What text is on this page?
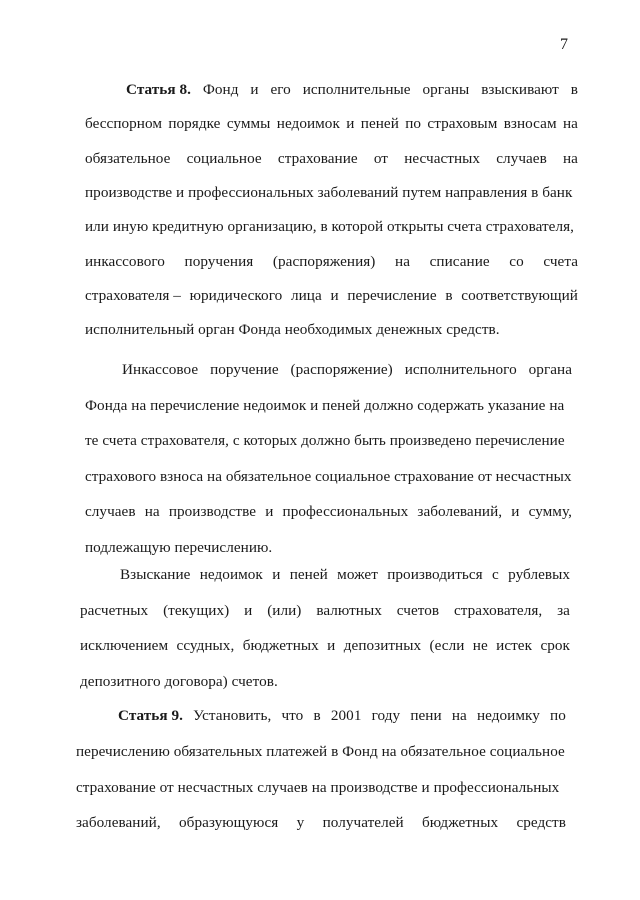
7
Статья 8. Фонд и его исполнительные органы взыскивают в
бесспорном порядке суммы недоимок и пеней по страховым взносам на
обязательное социальное страхование от несчастных случаев на
производстве и профессиональных заболеваний путем направления в банк
или иную кредитную организацию, в которой открыты счета страхователя,
инкассового поручения (распоряжения) на списание со счета
страхователя – юридического лица и перечисление в соответствующий
исполнительный орган Фонда необходимых денежных средств.
Инкассовое поручение (распоряжение) исполнительного органа
Фонда на перечисление недоимок и пеней должно содержать указание на
те счета страхователя, с которых должно быть произведено перечисление
страхового взноса на обязательное социальное страхование от несчастных
случаев на производстве и профессиональных заболеваний, и сумму,
подлежащую перечислению.
Взыскание недоимок и пеней может производиться с рублевых
расчетных (текущих) и (или) валютных счетов страхователя, за
исключением ссудных, бюджетных и депозитных (если не истек срок
депозитного договора) счетов.
Статья 9. Установить, что в 2001 году пени на недоимку по
перечислению обязательных платежей в Фонд на обязательное социальное
страхование от несчастных случаев на производстве и профессиональных
заболеваний, образующуюся у получателей бюджетных средств
